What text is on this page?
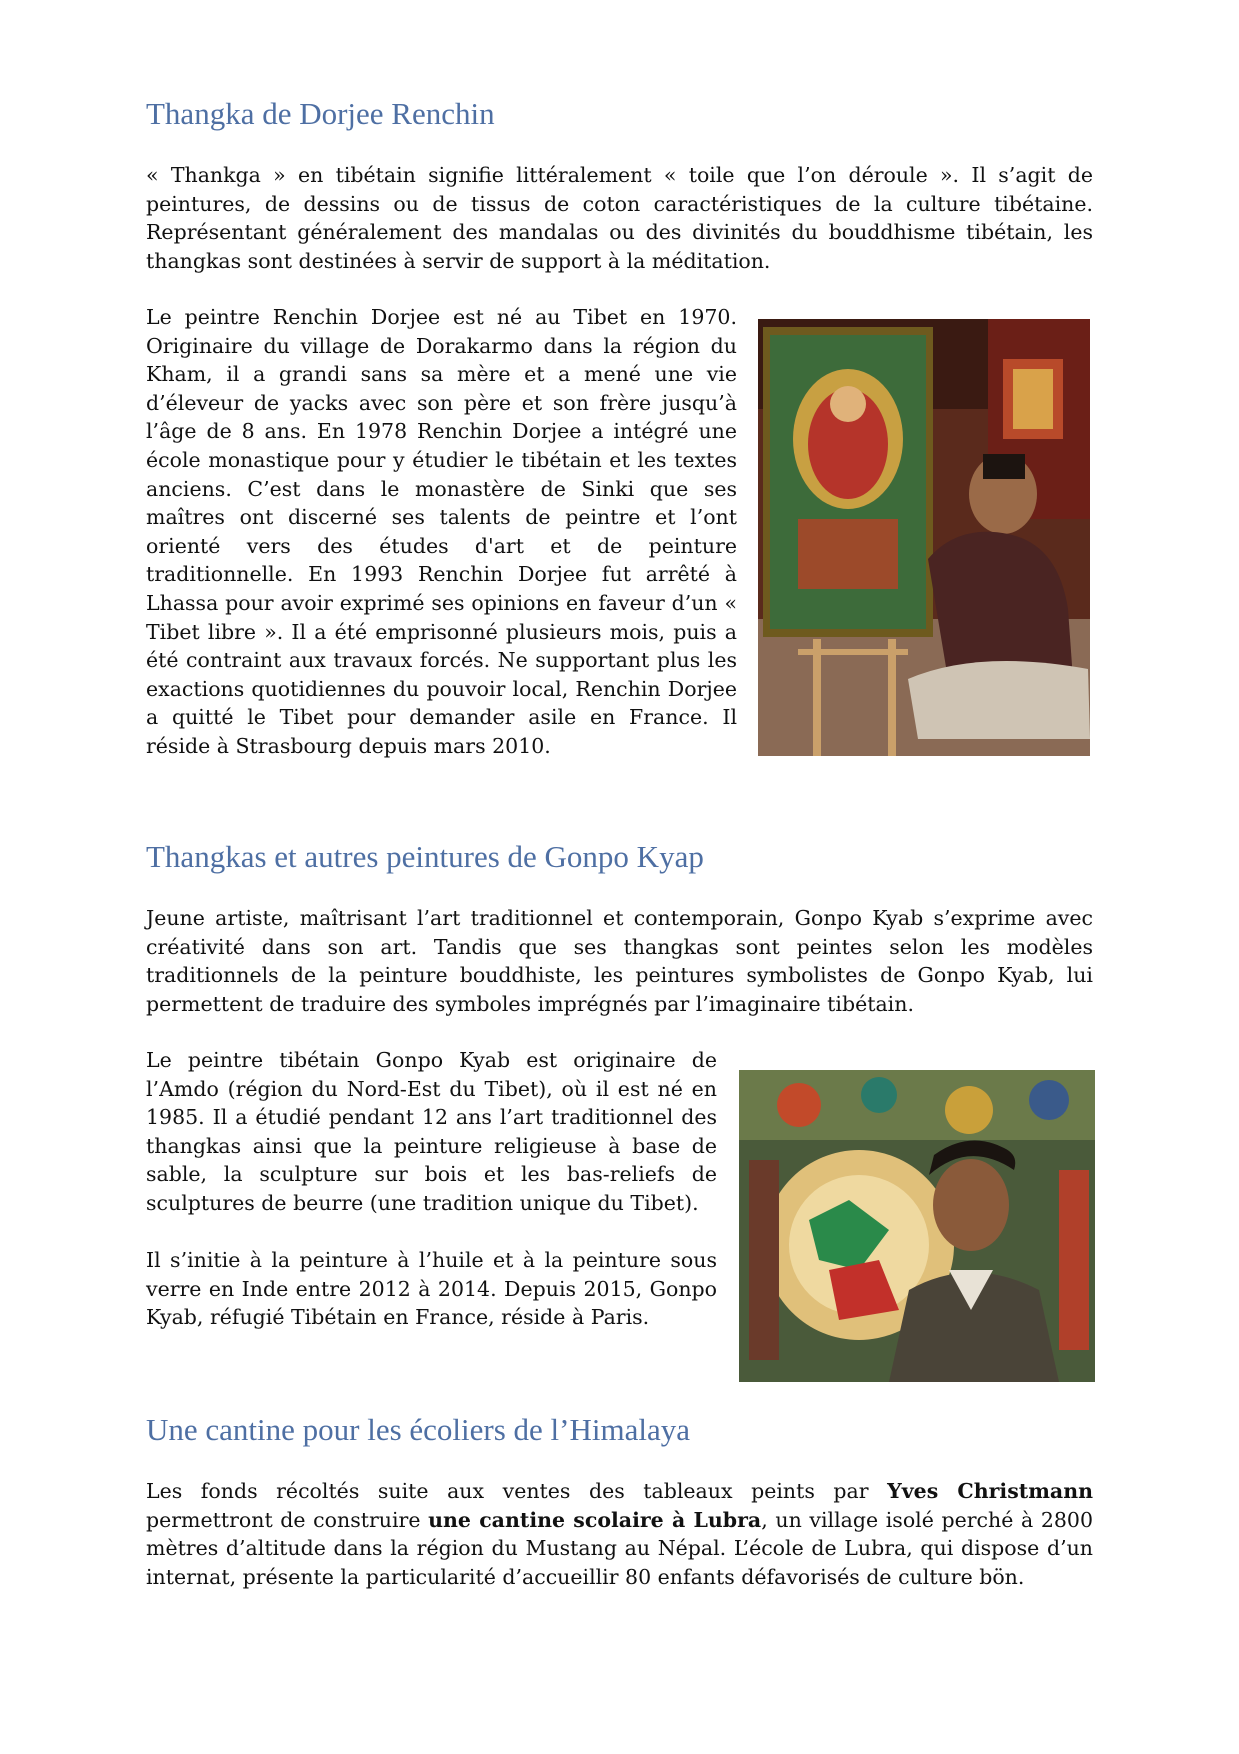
Thangka de Dorjee Renchin

« Thankga » en tibétain signifie littéralement « toile que l’on déroule ». Il s’agit de peintures, de dessins ou de tissus de coton caractéristiques de la culture tibétaine. Représentant généralement des mandalas ou des divinités du bouddhisme tibétain, les thangkas sont destinées à servir de support à la méditation.

Le peintre Renchin Dorjee est né au Tibet en 1970. Originaire du village de Dorakarmo dans la région du Kham, il a grandi sans sa mère et a mené une vie d’éleveur de yacks avec son père et son frère jusqu’à l’âge de 8 ans. En 1978 Renchin Dorjee a intégré une école monastique pour y étudier le tibétain et les textes anciens. C’est dans le monastère de Sinki que ses maîtres ont discerné ses talents de peintre et l’ont orienté vers des études d'art et de peinture traditionnelle. En 1993 Renchin Dorjee fut arrêté à Lhassa pour avoir exprimé ses opinions en faveur d’un « Tibet libre ». Il a été emprisonné plusieurs mois, puis a été contraint aux travaux forcés. Ne supportant plus les exactions quotidiennes du pouvoir local, Renchin Dorjee a quitté le Tibet pour demander asile en France. Il réside à Strasbourg depuis mars 2010.

Thangkas et autres peintures de Gonpo Kyap

Jeune artiste, maîtrisant l’art traditionnel et contemporain, Gonpo Kyab s’exprime avec créativité dans son art. Tandis que ses thangkas sont peintes selon les modèles traditionnels de la peinture bouddhiste, les peintures symbolistes de Gonpo Kyab, lui permettent de traduire des symboles imprégnés par l’imaginaire tibétain.

Le peintre tibétain Gonpo Kyab est originaire de l’Amdo (région du Nord-Est du Tibet), où il est né en 1985. Il a étudié pendant 12 ans l’art traditionnel des thangkas ainsi que la peinture religieuse à base de sable, la sculpture sur bois et les bas-reliefs de sculptures de beurre (une tradition unique du Tibet).

Il s’initie à la peinture à l’huile et à la peinture sous verre en Inde entre 2012 à 2014. Depuis 2015, Gonpo Kyab, réfugié Tibétain en France, réside à Paris.

Une cantine pour les écoliers de l’Himalaya

Les fonds récoltés suite aux ventes des tableaux peints par Yves Christmann permettront de construire une cantine scolaire à Lubra, un village isolé perché à 2800 mètres d’altitude dans la région du Mustang au Népal. L’école de Lubra, qui dispose d’un internat, présente la particularité d’accueillir 80 enfants défavorisés de culture bön.
